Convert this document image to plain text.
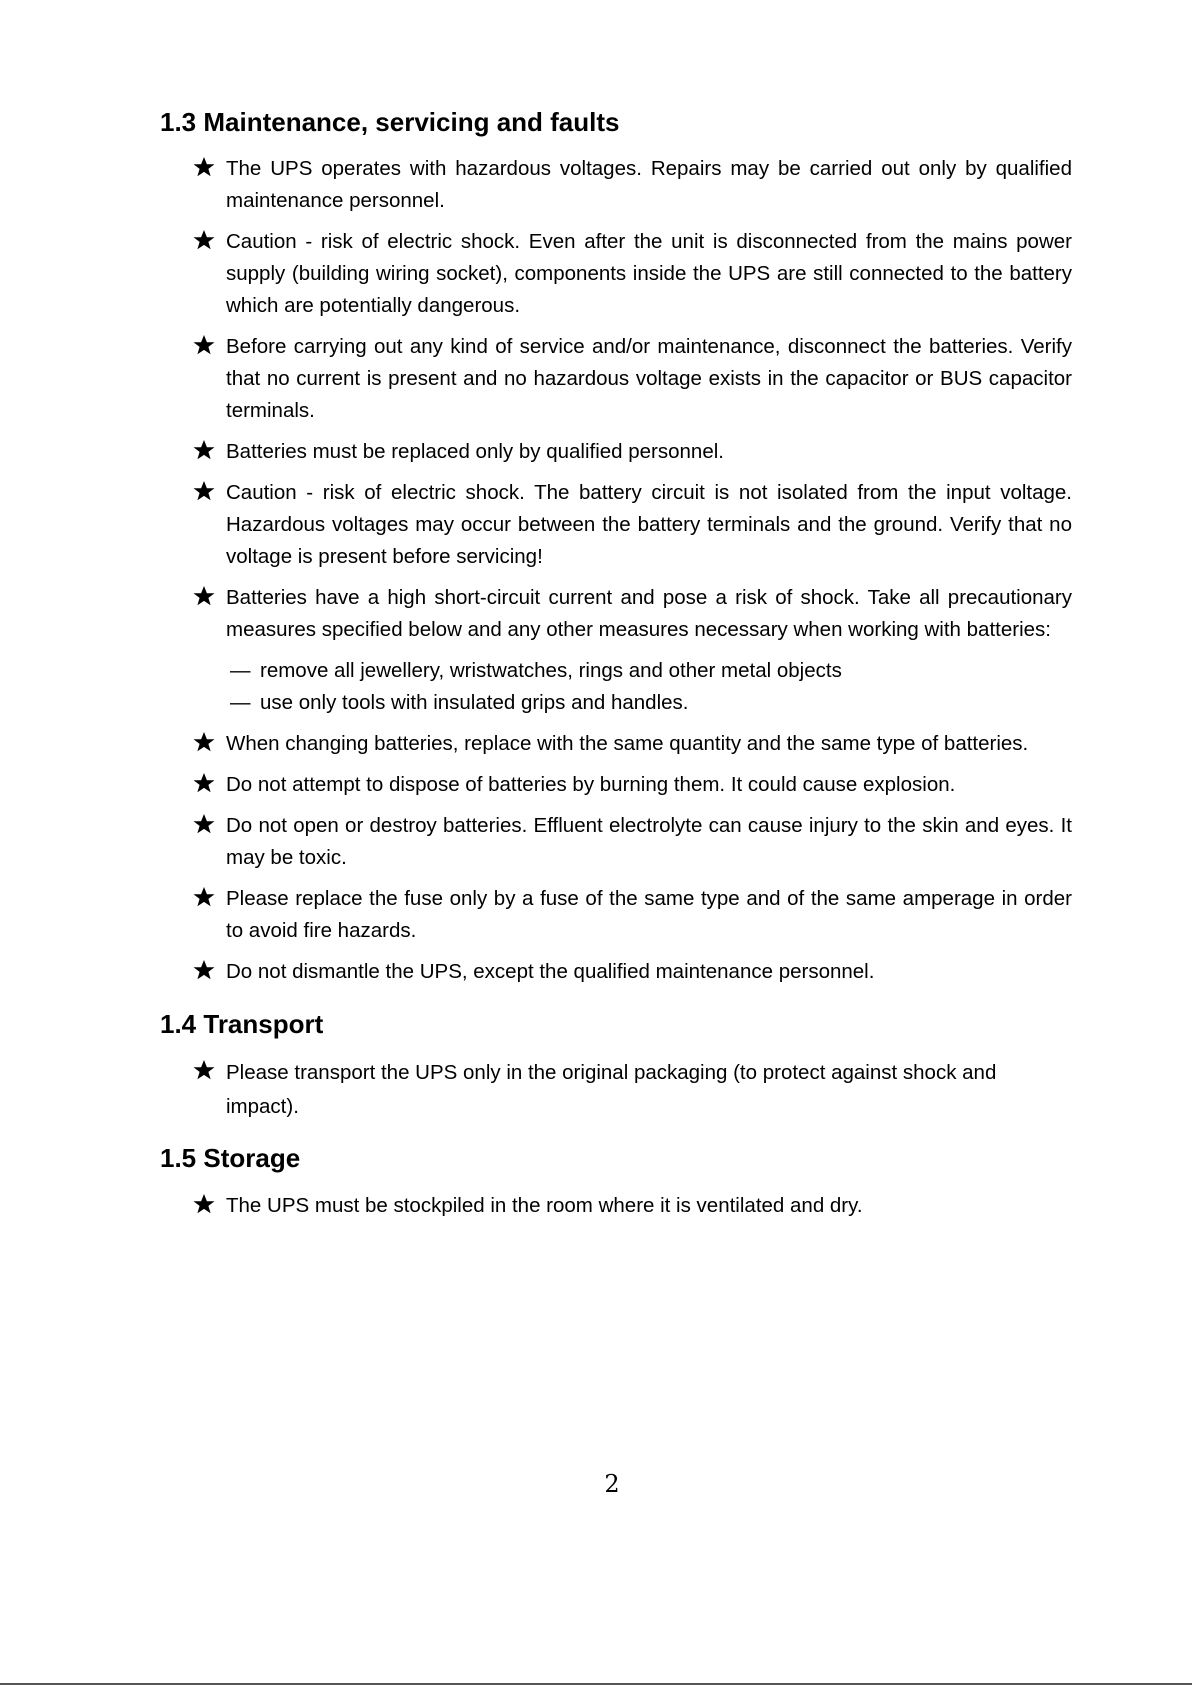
1.3 Maintenance, servicing and faults
The UPS operates with hazardous voltages. Repairs may be carried out only by qualified maintenance personnel.
Caution - risk of electric shock. Even after the unit is disconnected from the mains power supply (building wiring socket), components inside the UPS are still connected to the battery which are potentially dangerous.
Before carrying out any kind of service and/or maintenance, disconnect the batteries. Verify that no current is present and no hazardous voltage exists in the capacitor or BUS capacitor terminals.
Batteries must be replaced only by qualified personnel.
Caution - risk of electric shock. The battery circuit is not isolated from the input voltage. Hazardous voltages may occur between the battery terminals and the ground. Verify that no voltage is present before servicing!
Batteries have a high short-circuit current and pose a risk of shock. Take all precautionary measures specified below and any other measures necessary when working with batteries:
— remove all jewellery, wristwatches, rings and other metal objects
— use only tools with insulated grips and handles.
When changing batteries, replace with the same quantity and the same type of batteries.
Do not attempt to dispose of batteries by burning them. It could cause explosion.
Do not open or destroy batteries. Effluent electrolyte can cause injury to the skin and eyes. It may be toxic.
Please replace the fuse only by a fuse of the same type and of the same amperage in order to avoid fire hazards.
Do not dismantle the UPS, except the qualified maintenance personnel.
1.4 Transport
Please transport the UPS only in the original packaging (to protect against shock and impact).
1.5 Storage
The UPS must be stockpiled in the room where it is ventilated and dry.
2
